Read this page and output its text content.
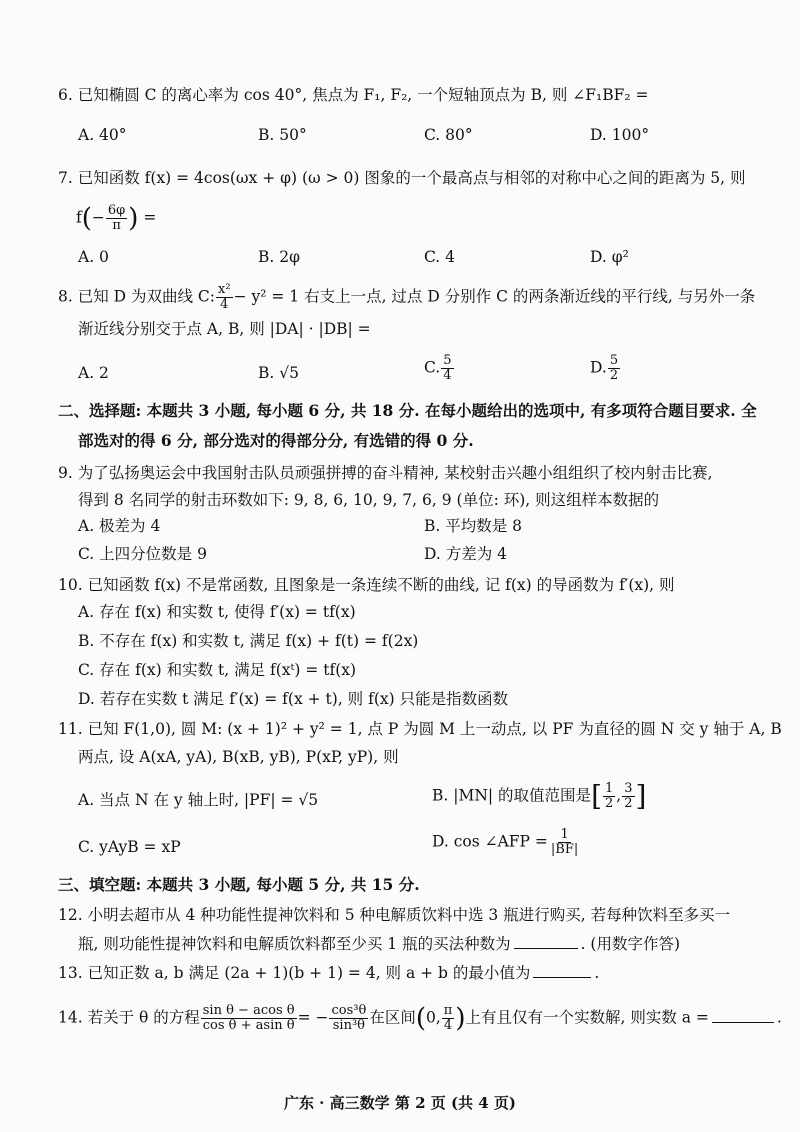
6. 已知椭圆 C 的离心率为 cos 40°, 焦点为 F₁, F₂, 一个短轴顶点为 B, 则 ∠F₁BF₂ =
A. 40°	B. 50°	C. 80°	D. 100°
7. 已知函数 f(x) = 4cos(ωx + φ) (ω > 0) 图象的一个最高点与相邻的对称中心之间的距离为 5, 则
$f(- \frac{6\varphi}{\pi}$ ) =
A. 0	B. 2φ	C. 4	D. φ²
8. 已知 D 为双曲线 C: $\frac{\text{x²}}{4} - y^2 = 1$ 右支上一点, 过点 D 分别作 C 的两条渐近线的平行线, 与另外一条
渐近线分别交于点 A, B, 则 |DA| · |DB| =
A. 2	B. √5	C. $\frac{5}{4}$	D. $\frac{5}{2}$
二、选择题: 本题共 3 小题, 每小题 6 分, 共 18 分. 在每小题给出的选项中, 有多项符合题目要求. 全
部选对的得 6 分, 部分选对的得部分分, 有选错的得 0 分.
9. 为了弘扬奥运会中我国射击队员顽强拼搏的奋斗精神, 某校射击兴趣小组组织了校内射击比赛,
得到 8 名同学的射击环数如下: 9, 8, 6, 10, 9, 7, 6, 9 (单位: 环), 则这组样本数据的
A. 极差为 4	B. 平均数是 8
C. 上四分位数是 9	D. 方差为 4
10. 已知函数 f(x) 不是常函数, 且图象是一条连续不断的曲线, 记 f(x) 的导函数为 f′(x), 则
A. 存在 f(x) 和实数 t, 使得 f′(x) = tf(x)
B. 不存在 f(x) 和实数 t, 满足 f(x) + f(t) = f(2x)
C. 存在 f(x) 和实数 t, 满足 f(xᵗ) = tf(x)
D. 若存在实数 t 满足 f′(x) = f(x + t), 则 f(x) 只能是指数函数
11. 已知 F(1,0), 圆 M: (x + 1)² + y² = 1, 点 P 为圆 M 上一动点, 以 PF 为直径的圆 N 交 y 轴于 A, B
两点, 设 A(xA, yA), B(xB, yB), P(xP, yP), 则
A. 当点 N 在 y 轴上时, |PF| = √5	B. |MN| 的取值范围是[ $\frac{1}{2}$ , $\frac{3}{2}$ ]
C. yAyB = xP	D. cos ∠AFP = $\frac{1}{|BF|}$
三、填空题: 本题共 3 小题, 每小题 5 分, 共 15 分.
12. 小明去超市从 4 种功能性提神饮料和 5 种电解质饮料中选 3 瓶进行购买, 若每种饮料至多买一
瓶, 则功能性提神饮料和电解质饮料都至少买 1 瓶的买法种数为	. (用数字作答)
13. 已知正数 a, b 满足 (2a + 1)(b + 1) = 4, 则 a + b 的最小值为	.
14. 若关于 θ 的方程 $\frac{\text{sin θ − acos θ}}{\text{cos θ + asin θ}}$ = − $\frac{\text{cos³θ}}{\text{sin³θ}}$ 在区间(0, $\frac{\pi}{4}$ )上有且仅有一个实数解, 则实数 a =	.
广东 · 高三数学 第 2 页 (共 4 页)
